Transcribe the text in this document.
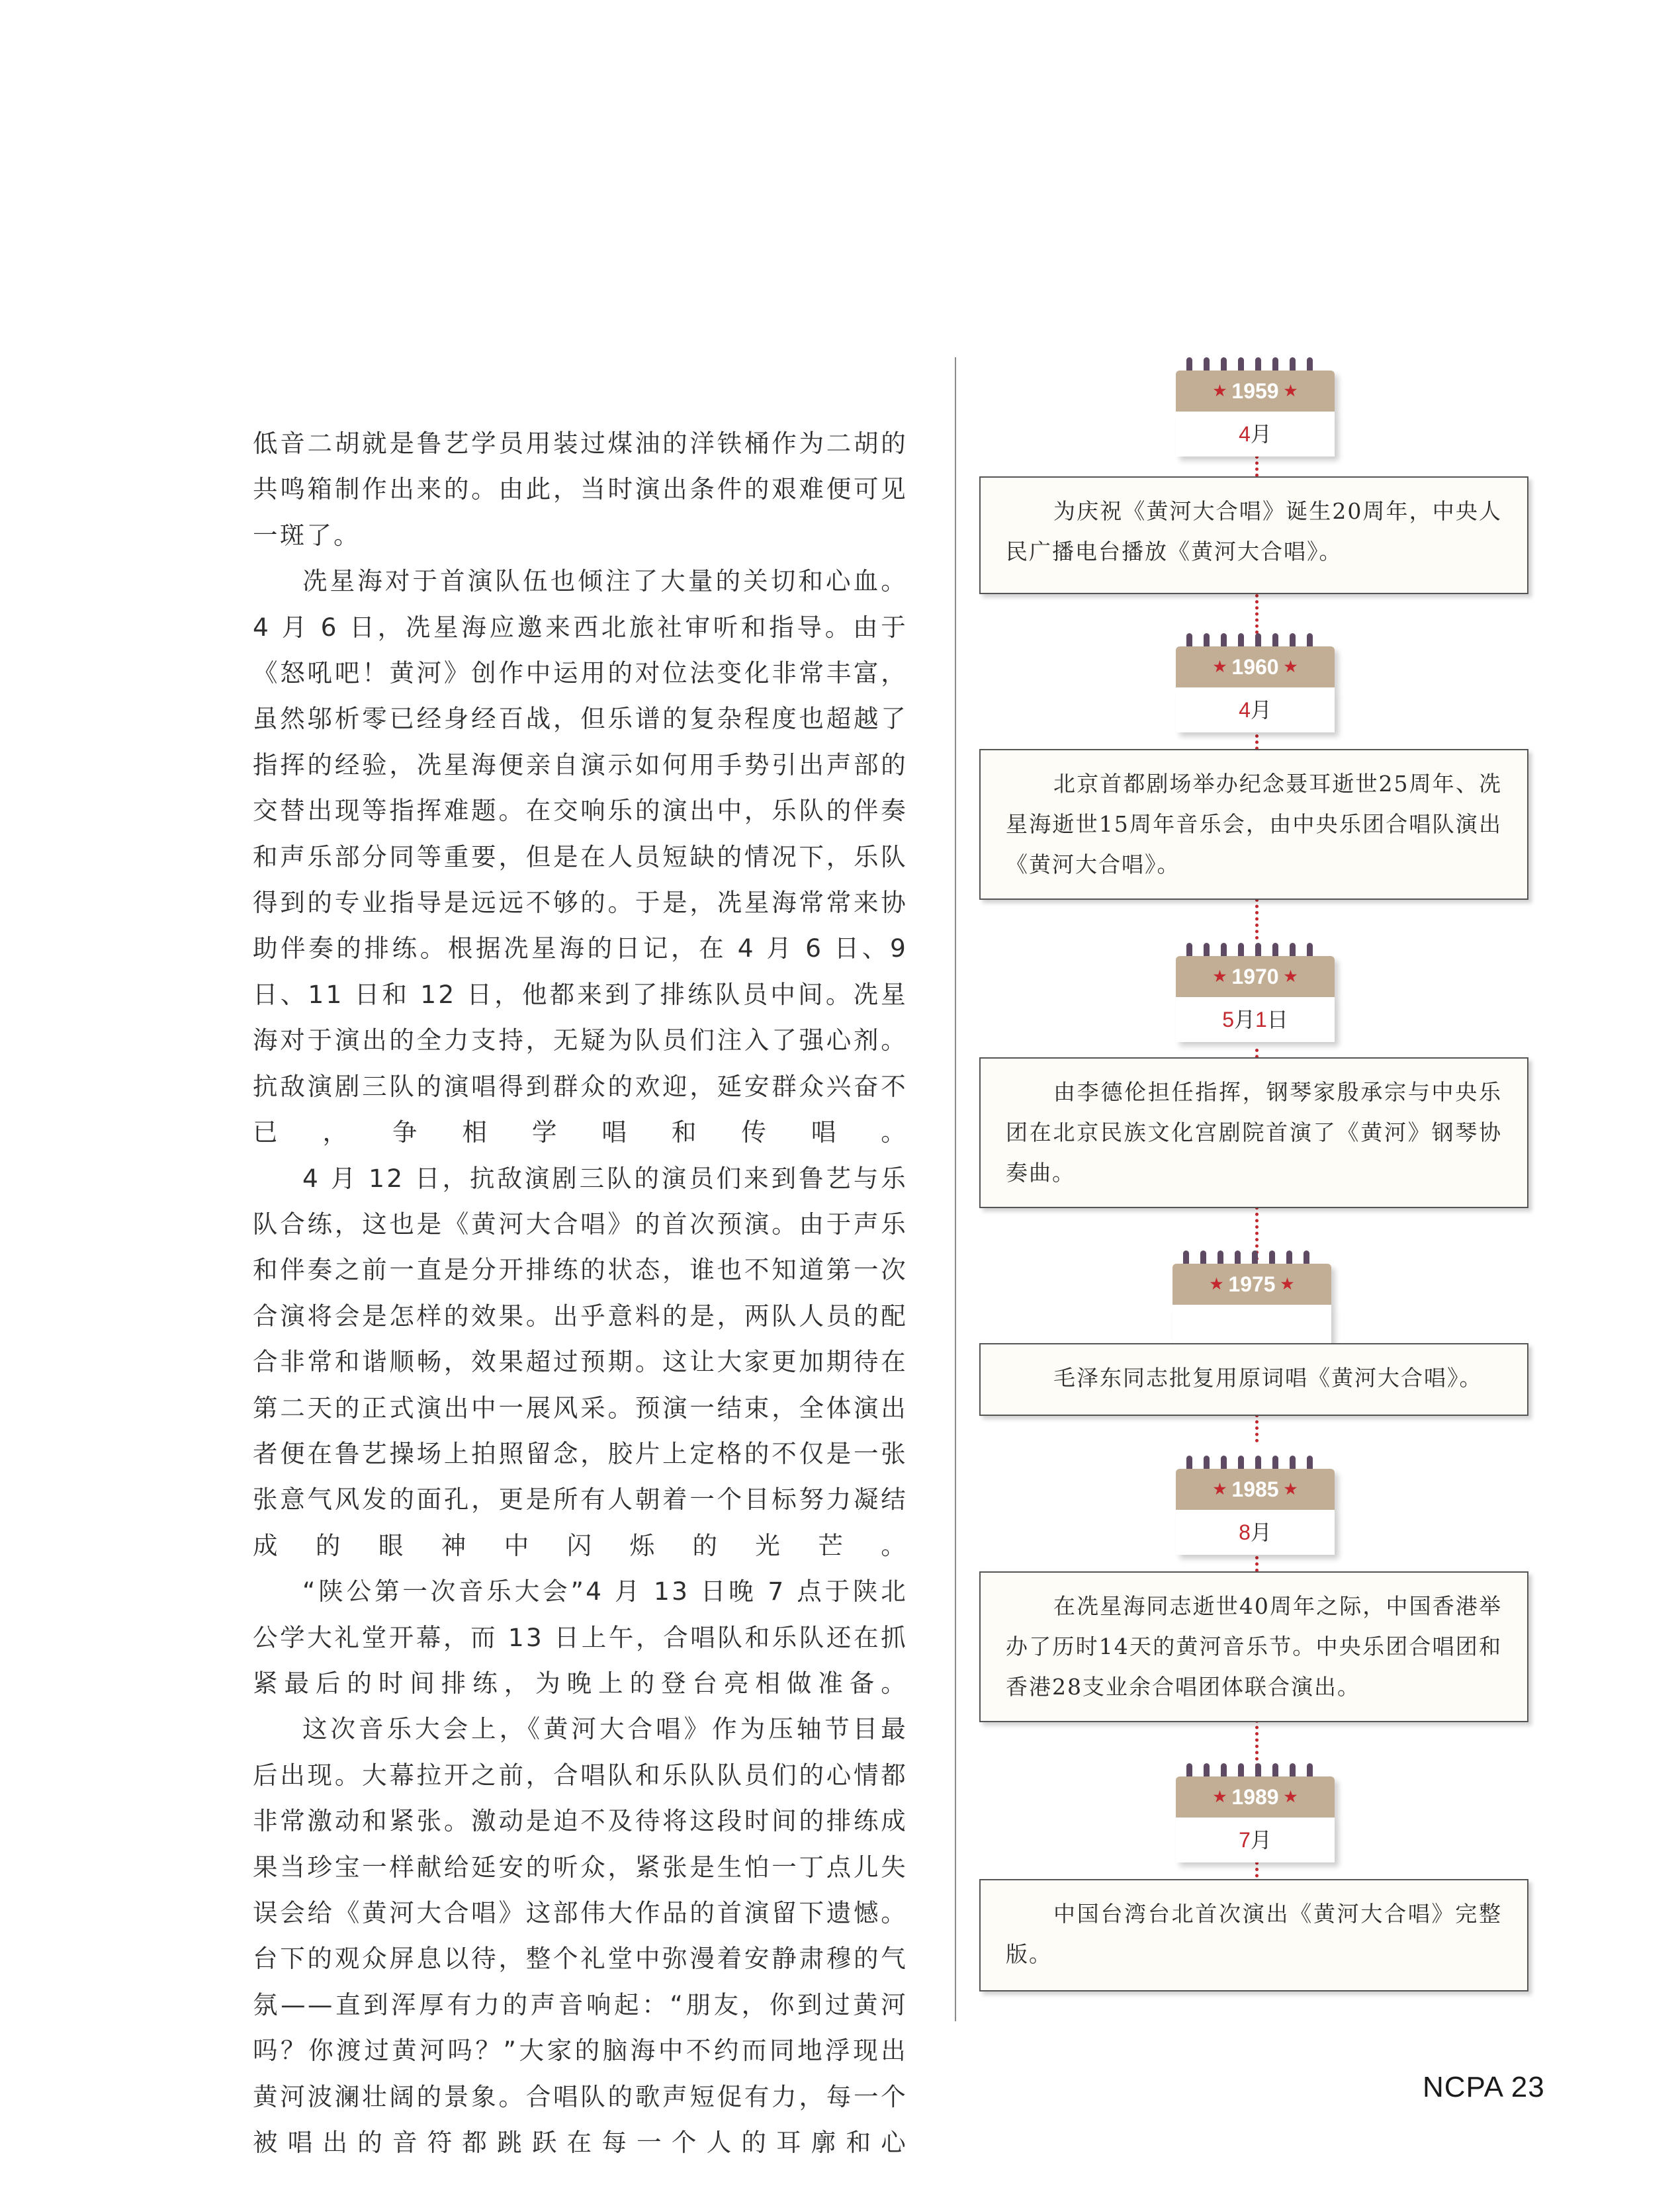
低音二胡就是鲁艺学员用装过煤油的洋铁桶作为二胡的共鸣箱制作出来的。由此，当时演出条件的艰难便可见一斑了。

冼星海对于首演队伍也倾注了大量的关切和心血。4 月 6 日，冼星海应邀来西北旅社审听和指导。由于《怒吼吧！黄河》创作中运用的对位法变化非常丰富，虽然邬析零已经身经百战，但乐谱的复杂程度也超越了指挥的经验，冼星海便亲自演示如何用手势引出声部的交替出现等指挥难题。在交响乐的演出中，乐队的伴奏和声乐部分同等重要，但是在人员短缺的情况下，乐队得到的专业指导是远远不够的。于是，冼星海常常来协助伴奏的排练。根据冼星海的日记，在 4 月 6 日、9 日、11 日和 12 日，他都来到了排练队员中间。冼星海对于演出的全力支持，无疑为队员们注入了强心剂。抗敌演剧三队的演唱得到群众的欢迎，延安群众兴奋不已，争相学唱和传唱。

4 月 12 日，抗敌演剧三队的演员们来到鲁艺与乐队合练，这也是《黄河大合唱》的首次预演。由于声乐和伴奏之前一直是分开排练的状态，谁也不知道第一次合演将会是怎样的效果。出乎意料的是，两队人员的配合非常和谐顺畅，效果超过预期。这让大家更加期待在第二天的正式演出中一展风采。预演一结束，全体演出者便在鲁艺操场上拍照留念，胶片上定格的不仅是一张张意气风发的面孔，更是所有人朝着一个目标努力凝结成的眼神中闪烁的光芒。

“陕公第一次音乐大会”4 月 13 日晚 7 点于陕北公学大礼堂开幕，而 13 日上午，合唱队和乐队还在抓紧最后的时间排练，为晚上的登台亮相做准备。

这次音乐大会上，《黄河大合唱》作为压轴节目最后出现。大幕拉开之前，合唱队和乐队队员们的心情都非常激动和紧张。激动是迫不及待将这段时间的排练成果当珍宝一样献给延安的听众，紧张是生怕一丁点儿失误会给《黄河大合唱》这部伟大作品的首演留下遗憾。台下的观众屏息以待，整个礼堂中弥漫着安静肃穆的气氛——直到浑厚有力的声音响起：“朋友，你到过黄河吗？你渡过黄河吗？”大家的脑海中不约而同地浮现出黄河波澜壮阔的景象。合唱队的歌声短促有力，每一个被唱出的音符都跳跃在每一个人的耳廓和心

★ 1959 ★
4月

为庆祝《黄河大合唱》诞生20周年，中央人民广播电台播放《黄河大合唱》。

★ 1960 ★
4月

北京首都剧场举办纪念聂耳逝世25周年、冼星海逝世15周年音乐会，由中央乐团合唱队演出《黄河大合唱》。

★ 1970 ★
5月1日

由李德伦担任指挥，钢琴家殷承宗与中央乐团在北京民族文化宫剧院首演了《黄河》钢琴协奏曲。

★ 1975 ★

毛泽东同志批复用原词唱《黄河大合唱》。

★ 1985 ★
8月

在冼星海同志逝世40周年之际，中国香港举办了历时14天的黄河音乐节。中央乐团合唱团和香港28支业余合唱团体联合演出。

★ 1989 ★
7月

中国台湾台北首次演出《黄河大合唱》完整版。

NCPA 23
